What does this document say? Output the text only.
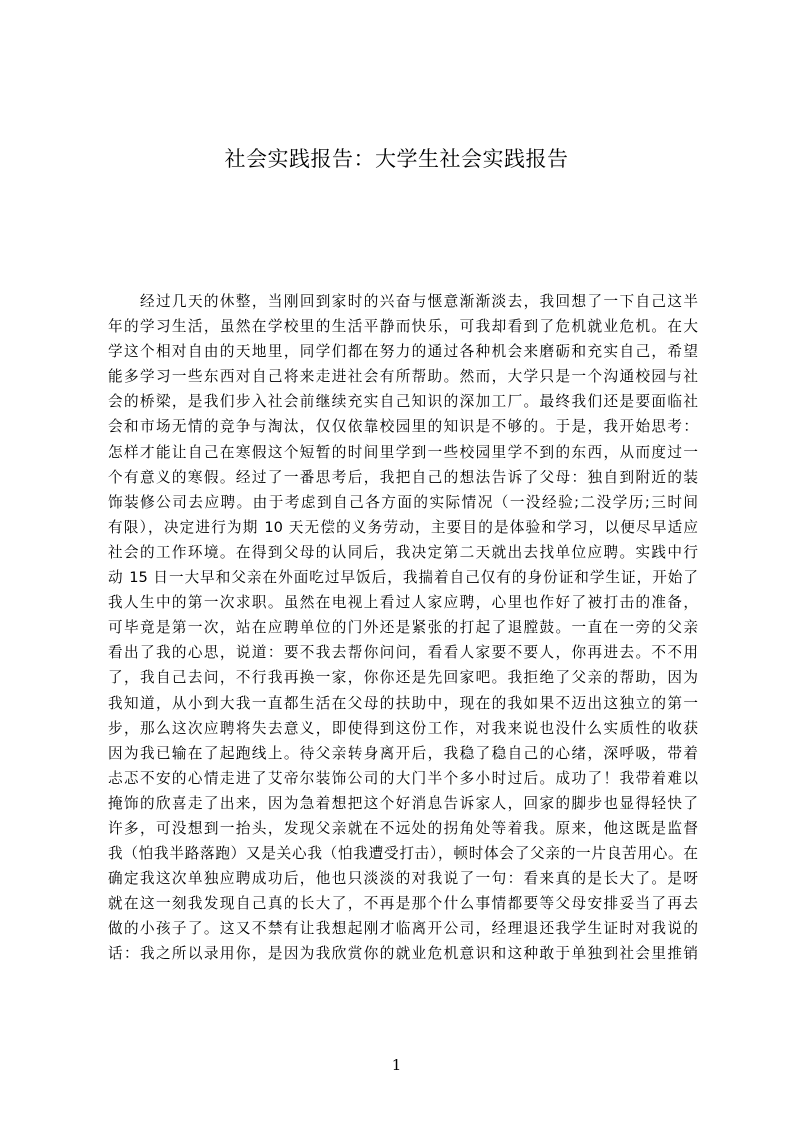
社会实践报告：大学生社会实践报告
经过几天的休整，当刚回到家时的兴奋与惬意渐渐淡去，我回想了一下自己这半
年的学习生活，虽然在学校里的生活平静而快乐，可我却看到了危机就业危机。在大
学这个相对自由的天地里，同学们都在努力的通过各种机会来磨砺和充实自己，希望
能多学习一些东西对自己将来走进社会有所帮助。然而，大学只是一个沟通校园与社
会的桥梁，是我们步入社会前继续充实自己知识的深加工厂。最终我们还是要面临社
会和市场无情的竞争与淘汰，仅仅依靠校园里的知识是不够的。于是，我开始思考：
怎样才能让自己在寒假这个短暂的时间里学到一些校园里学不到的东西，从而度过一
个有意义的寒假。经过了一番思考后，我把自己的想法告诉了父母：独自到附近的装
饰装修公司去应聘。由于考虑到自己各方面的实际情况（一没经验;二没学历;三时间
有限），决定进行为期 10 天无偿的义务劳动，主要目的是体验和学习，以便尽早适应
社会的工作环境。在得到父母的认同后，我决定第二天就出去找单位应聘。实践中行
动 15 日一大早和父亲在外面吃过早饭后，我揣着自己仅有的身份证和学生证，开始了
我人生中的第一次求职。虽然在电视上看过人家应聘，心里也作好了被打击的准备，
可毕竟是第一次，站在应聘单位的门外还是紧张的打起了退膛鼓。一直在一旁的父亲
看出了我的心思，说道：要不我去帮你问问，看看人家要不要人，你再进去。不不用
了，我自己去问，不行我再换一家，你你还是先回家吧。我拒绝了父亲的帮助，因为
我知道，从小到大我一直都生活在父母的扶助中，现在的我如果不迈出这独立的第一
步，那么这次应聘将失去意义，即使得到这份工作，对我来说也没什么实质性的收获
因为我已输在了起跑线上。待父亲转身离开后，我稳了稳自己的心绪，深呼吸，带着
忐忑不安的心情走进了艾帝尔装饰公司的大门半个多小时过后。成功了！我带着难以
掩饰的欣喜走了出来，因为急着想把这个好消息告诉家人，回家的脚步也显得轻快了
许多，可没想到一抬头，发现父亲就在不远处的拐角处等着我。原来，他这既是监督
我（怕我半路落跑）又是关心我（怕我遭受打击），顿时体会了父亲的一片良苦用心。在
确定我这次单独应聘成功后，他也只淡淡的对我说了一句：看来真的是长大了。是呀
就在这一刻我发现自己真的长大了，不再是那个什么事情都要等父母安排妥当了再去
做的小孩子了。这又不禁有让我想起刚才临离开公司，经理退还我学生证时对我说的
话：我之所以录用你，是因为我欣赏你的就业危机意识和这种敢于单独到社会里推销
1
